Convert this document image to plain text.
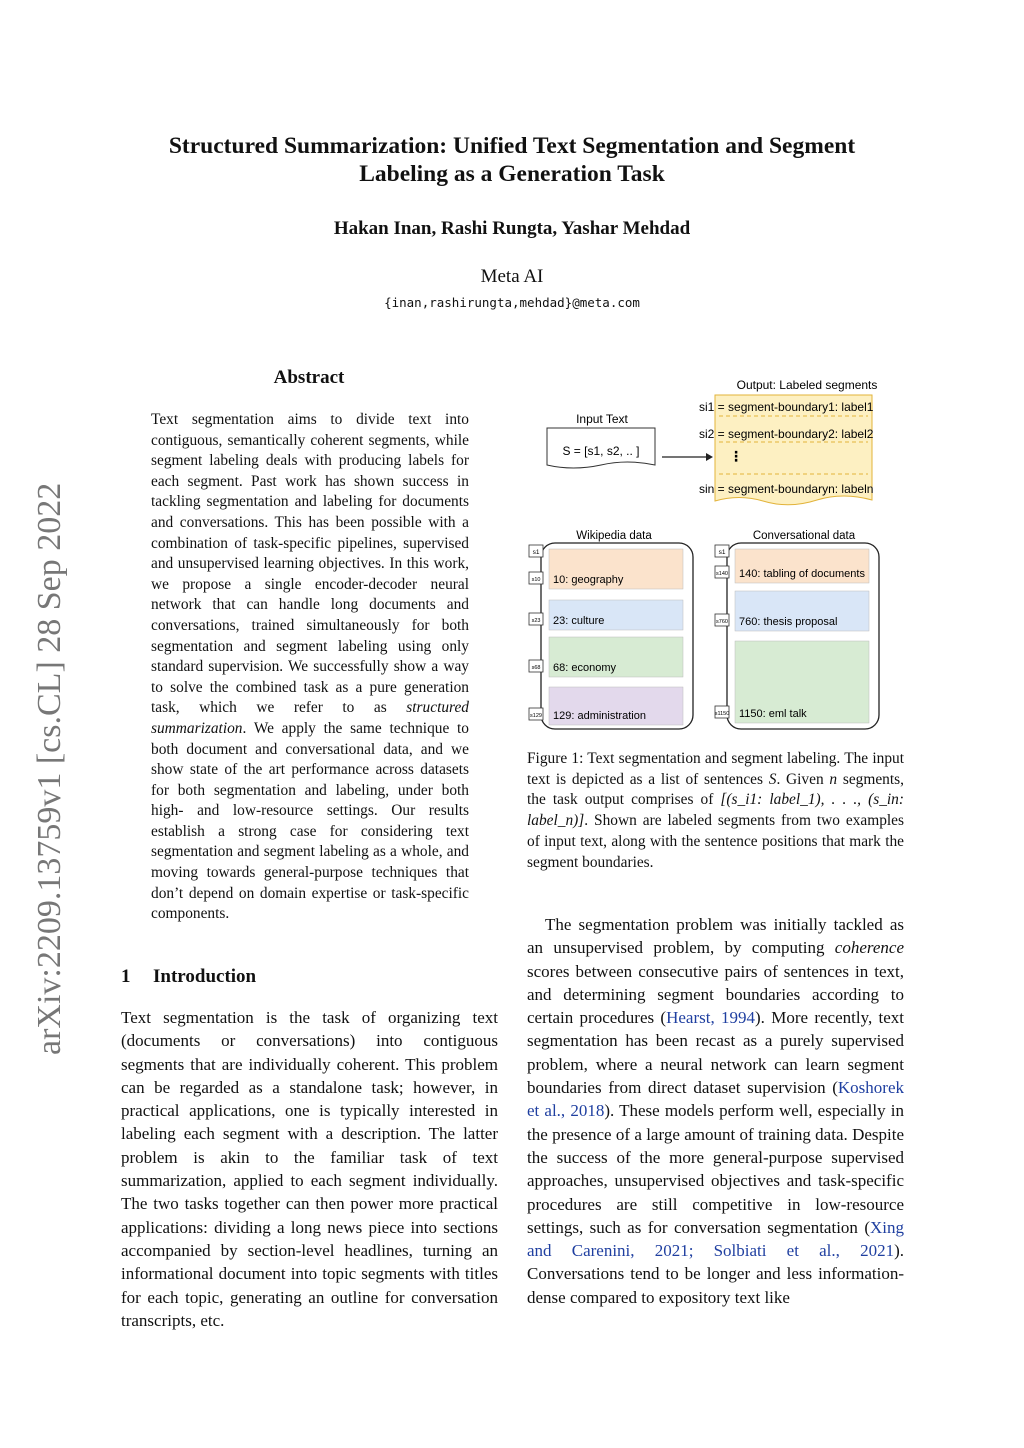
arXiv:2209.13759v1 [cs.CL] 28 Sep 2022
Structured Summarization: Unified Text Segmentation and Segment
Labeling as a Generation Task

Hakan Inan, Rashi Rungta, Yashar Mehdad

Meta AI

{inan,rashirungta,mehdad}@meta.com

Abstract

Text segmentation aims to divide text into contiguous, semantically coherent segments, while segment labeling deals with producing labels for each segment. Past work has shown success in tackling segmentation and labeling for documents and conversations. This has been possible with a combination of task-specific pipelines, supervised and unsupervised learning objectives. In this work, we propose a single encoder-decoder neural network that can handle long documents and conversations, trained simultaneously for both segmentation and segment labeling using only standard supervision. We successfully show a way to solve the combined task as a pure generation task, which we refer to as structured summarization. We apply the same technique to both document and conversational data, and we show state of the art performance across datasets for both segmentation and labeling, under both high- and low-resource settings. Our results establish a strong case for considering text segmentation and segment labeling as a whole, and moving towards general-purpose techniques that don’t depend on domain expertise or task-specific components.

1 Introduction

Text segmentation is the task of organizing text (documents or conversations) into contiguous segments that are individually coherent. This problem can be regarded as a standalone task; however, in practical applications, one is typically interested in labeling each segment with a description. The latter problem is akin to the familiar task of text summarization, applied to each segment individually. The two tasks together can then power more practical applications: dividing a long news piece into sections accompanied by section-level headlines, turning an informational document into topic segments with titles for each topic, generating an outline for conversation transcripts, etc.

The segmentation problem was initially tackled as an unsupervised problem, by computing coherence scores between consecutive pairs of sentences in text, and determining segment boundaries according to certain procedures (Hearst, 1994). More recently, text segmentation has been recast as a purely supervised problem, where a neural network can learn segment boundaries from direct dataset supervision (Koshorek et al., 2018). These models perform well, especially in the presence of a large amount of training data. Despite the success of the more general-purpose supervised approaches, unsupervised objectives and task-specific procedures are still competitive in low-resource settings, such as for conversation segmentation (Xing and Carenini, 2021; Solbiati et al., 2021). Conversations tend to be longer and less information-dense compared to expository text like

Input Text
S = [s1, s2, .. ]
Output: Labeled segments
si1 = segment-boundary1: label1
si2 = segment-boundary2: label2
⋮
sin = segment-boundaryn: labeln
Wikipedia data
s1
10: geography
s10
23: culture
s23
68: economy
s68
129: administration
s129
Conversational data
s1
140: tabling of documents
s140
760: thesis proposal
s760
1150: eml talk
s1150

Figure 1: Text segmentation and segment labeling. The input text is depicted as a list of sentences S. Given n segments, the task output comprises of [(s_i1: label_1), . . ., (s_in: label_n)]. Shown are labeled segments from two examples of input text, along with the sentence positions that mark the segment boundaries.
